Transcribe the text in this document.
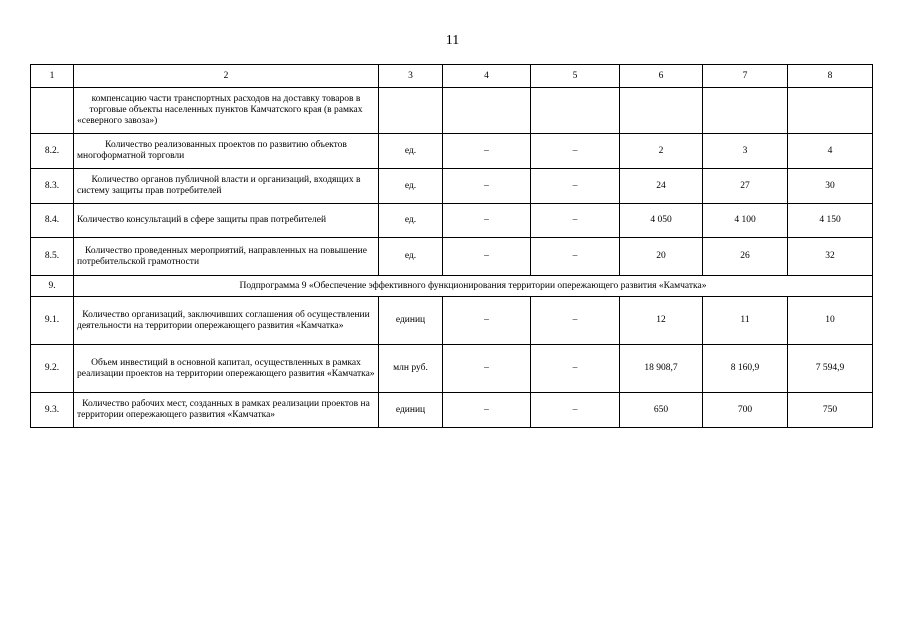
11
1	2	3	4	5	6	7	8
	компенсацию части транспортных расходов на доставку товаров в торговые объекты населенных пунктов Камчатского края (в рамках «северного завоза»)						
8.2.	Количество реализованных проектов по развитию объектов многоформатной торговли	ед.	–	–	2	3	4
8.3.	Количество органов публичной власти и организаций, входящих в систему защиты прав потребителей	ед.	–	–	24	27	30
8.4.	Количество консультаций в сфере защиты прав потребителей	ед.	–	–	4 050	4 100	4 150
8.5.	Количество проведенных мероприятий, направленных на повышение потребительской грамотности	ед.	–	–	20	26	32
9.	Подпрограмма 9 «Обеспечение эффективного функционирования территории опережающего развития «Камчатка»						
9.1.	Количество организаций, заключивших соглашения об осуществлении деятельности на территории опережающего развития «Камчатка»	единиц	–	–	12	11	10
9.2.	Объем инвестиций в основной капитал, осуществленных в рамках реализации проектов на территории опережающего развития «Камчатка»	млн руб.	–	–	18 908,7	8 160,9	7 594,9
9.3.	Количество рабочих мест, созданных в рамках реализации проектов на территории опережающего развития «Камчатка»	единиц	–	–	650	700	750
